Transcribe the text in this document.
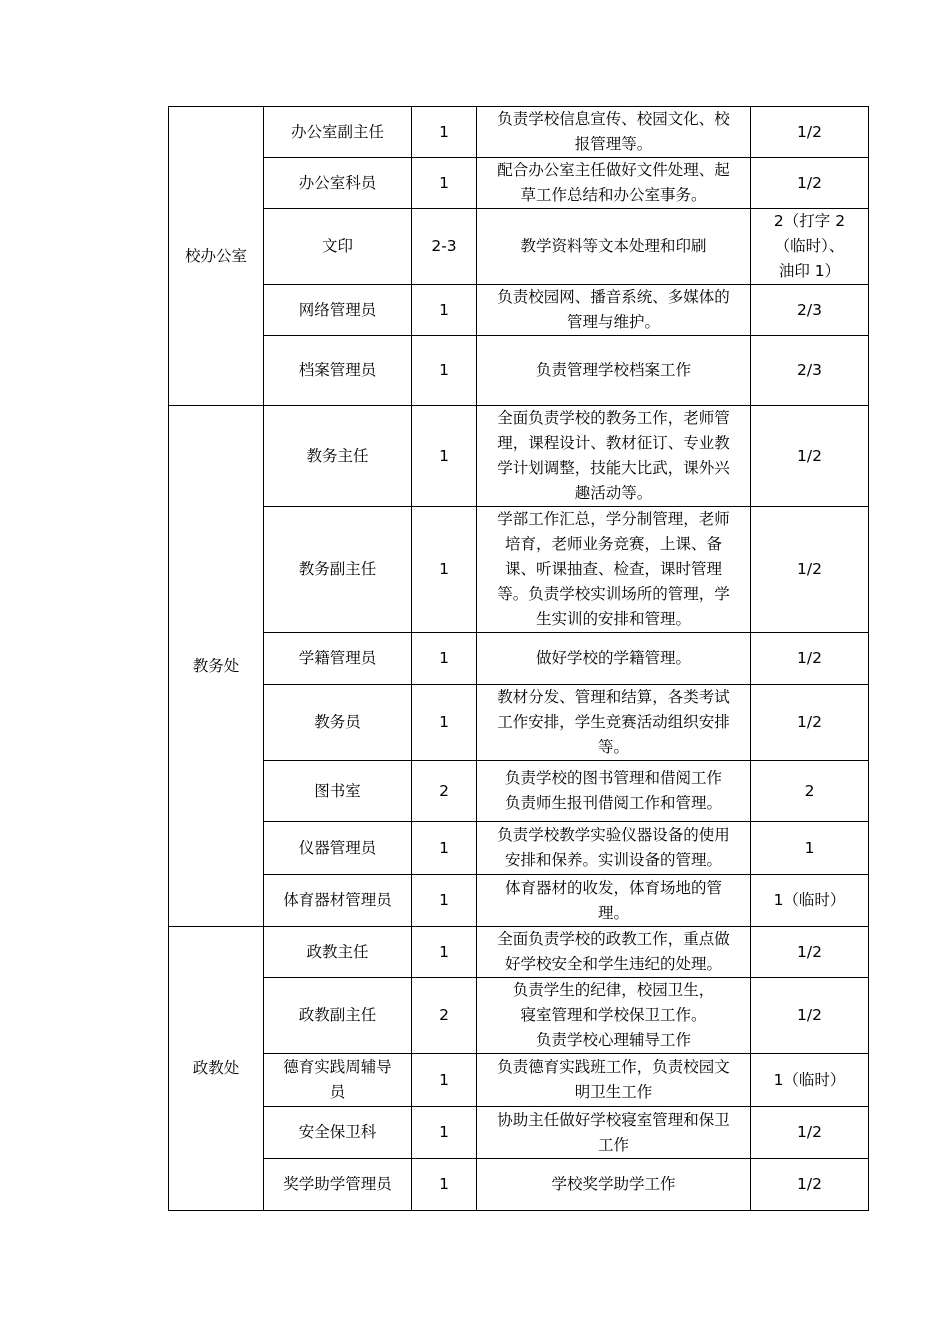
校办公室	办公室副主任	1	负责学校信息宣传、校园文化、校
报管理等。	1/2

	办公室科员	1	配合办公室主任做好文件处理、起
草工作总结和办公室事务。	1/2

	文印	2-3	教学资料等文本处理和印刷	2（打字 2
（临时）、
油印 1）

	网络管理员	1	负责校园网、播音系统、多媒体的
管理与维护。	2/3

	档案管理员	1	负责管理学校档案工作	2/3

教务处	教务主任	1	全面负责学校的教务工作，老师管
理，课程设计、教材征订、专业教
学计划调整，技能大比武，课外兴
趣活动等。	1/2

	教务副主任	1	学部工作汇总，学分制管理，老师
培育，老师业务竞赛，上课、备
课、听课抽查、检查，课时管理
等。负责学校实训场所的管理，学
生实训的安排和管理。	1/2

	学籍管理员	1	做好学校的学籍管理。	1/2

	教务员	1	教材分发、管理和结算，各类考试
工作安排，学生竞赛活动组织安排
等。	1/2

	图书室	2	负责学校的图书管理和借阅工作
负责师生报刊借阅工作和管理。	2

	仪器管理员	1	负责学校教学实验仪器设备的使用
安排和保养。实训设备的管理。	1

	体育器材管理员	1	体育器材的收发，体育场地的管
理。	1（临时）

政教处	政教主任	1	全面负责学校的政教工作，重点做
好学校安全和学生违纪的处理。	1/2

	政教副主任	2	负责学生的纪律，校园卫生，
寝室管理和学校保卫工作。
负责学校心理辅导工作	1/2

	德育实践周辅导
员	1	负责德育实践班工作，负责校园文
明卫生工作	1（临时）

	安全保卫科	1	协助主任做好学校寝室管理和保卫
工作	1/2

	奖学助学管理员	1	学校奖学助学工作	1/2
